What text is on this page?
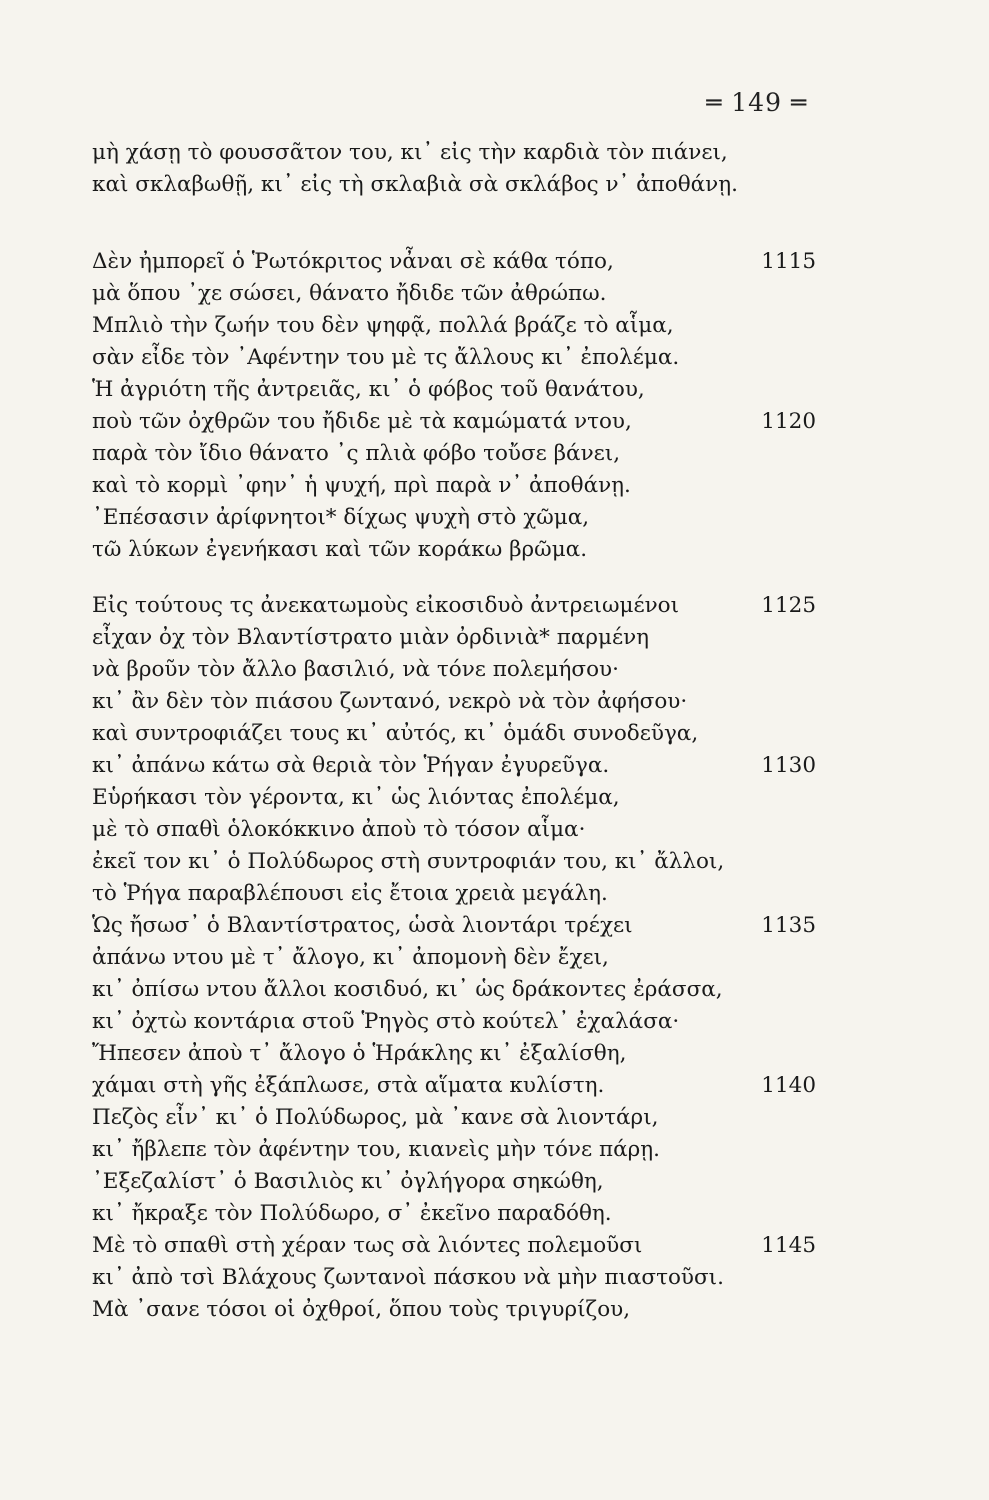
═ 149 ═
μὴ χάσῃ τὸ φουσσᾶτον του, κι᾿ εἰς τὴν καρδιὰ τὸν πιάνει,
καὶ σκλαβωθῇ, κι᾿ εἰς τὴ σκλαβιὰ σὰ σκλάβος ν᾿ ἀποθάνῃ.
Δὲν ἠμπορεῖ ὁ Ῥωτόκριτος νἆναι σὲ κάθα τόπο,	1115
μὰ ὅπου ᾽χε σώσει, θάνατο ἤδιδε τῶν ἀθρώπω.
Μπλιὸ τὴν ζωήν του δὲν ψηφᾷ, πολλά βράζε τὸ αἷμα,
σὰν εἶδε τὸν ᾽Αφέντην του μὲ τς ἄλλους κι᾿ ἐπολέμα.
Ἡ ἀγριότη τῆς ἀντρειᾶς, κι᾿ ὁ φόβος τοῦ θανάτου,
ποὺ τῶν ὀχθρῶν του ἤδιδε μὲ τὰ καμώματά ντου,	1120
παρὰ τὸν ἴδιο θάνατο ᾽ς πλιὰ φόβο τοὔσε βάνει,
καὶ τὸ κορμὶ ᾽φην᾿ ἡ ψυχή, πρὶ παρὰ ν᾿ ἀποθάνῃ.
᾽Επέσασιν ἀρίφνητοι* δίχως ψυχὴ στὸ χῶμα,
τῶ λύκων ἐγενήκασι καὶ τῶν κοράκω βρῶμα.
Εἰς τούτους τς ἀνεκατωμοὺς εἰκοσιδυὸ ἀντρειωμένοι	1125
εἶχαν ὀχ τὸν Βλαντίστρατο μιὰν ὀρδινιὰ* παρμένη
νὰ βροῦν τὸν ἄλλο βασιλιό, νὰ τόνε πολεμήσου·
κι᾿ ἂν δὲν τὸν πιάσου ζωντανό, νεκρὸ νὰ τὸν ἀφήσου·
καὶ συντροφιάζει τους κι᾿ αὐτός, κι᾿ ὁμάδι συνοδεῦγα,
κι᾿ ἀπάνω κάτω σὰ θεριὰ τὸν Ῥήγαν ἐγυρεῦγα.	1130
Εὑρήκασι τὸν γέροντα, κι᾿ ὡς λιόντας ἐπολέμα,
μὲ τὸ σπαθὶ ὁλοκόκκινο ἀποὺ τὸ τόσον αἷμα·
ἐκεῖ τον κι᾿ ὁ Πολύδωρος στὴ συντροφιάν του, κι᾿ ἄλλοι,
τὸ Ῥήγα παραβλέπουσι εἰς ἔτοια χρειὰ μεγάλη.
Ὡς ἤσωσ᾿ ὁ Βλαντίστρατος, ὡσὰ λιοντάρι τρέχει	1135
ἀπάνω ντου μὲ τ᾿ ἄλογο, κι᾿ ἀπομονὴ δὲν ἔχει,
κι᾿ ὀπίσω ντου ἄλλοι κοσιδυό, κι᾿ ὡς δράκοντες ἐράσσα,
κι᾿ ὀχτὼ κοντάρια στοῦ Ῥηγὸς στὸ κούτελ᾿ ἐχαλάσα·
Ἤπεσεν ἀποὺ τ᾿ ἄλογο ὁ Ἡράκλης κι᾿ ἐξαλίσθη,
χάμαι στὴ γῆς ἐξάπλωσε, στὰ αἵματα κυλίστη.	1140
Πεζὸς εἶν᾿ κι᾿ ὁ Πολύδωρος, μὰ ᾽κανε σὰ λιοντάρι,
κι᾿ ἤβλεπε τὸν ἀφέντην του, κιανεὶς μὴν τόνε πάρῃ.
᾽Εξεζαλίστ᾿ ὁ Βασιλιὸς κι᾿ ὀγλήγορα σηκώθη,
κι᾿ ἤκραξε τὸν Πολύδωρο, σ᾿ ἐκεῖνο παραδόθη.
Μὲ τὸ σπαθὶ στὴ χέραν τως σὰ λιόντες πολεμοῦσι	1145
κι᾿ ἀπὸ τσὶ Βλάχους ζωντανοὶ πάσκου νὰ μὴν πιαστοῦσι.
Μὰ ᾽σανε τόσοι οἱ ὀχθροί, ὅπου τοὺς τριγυρίζου,
